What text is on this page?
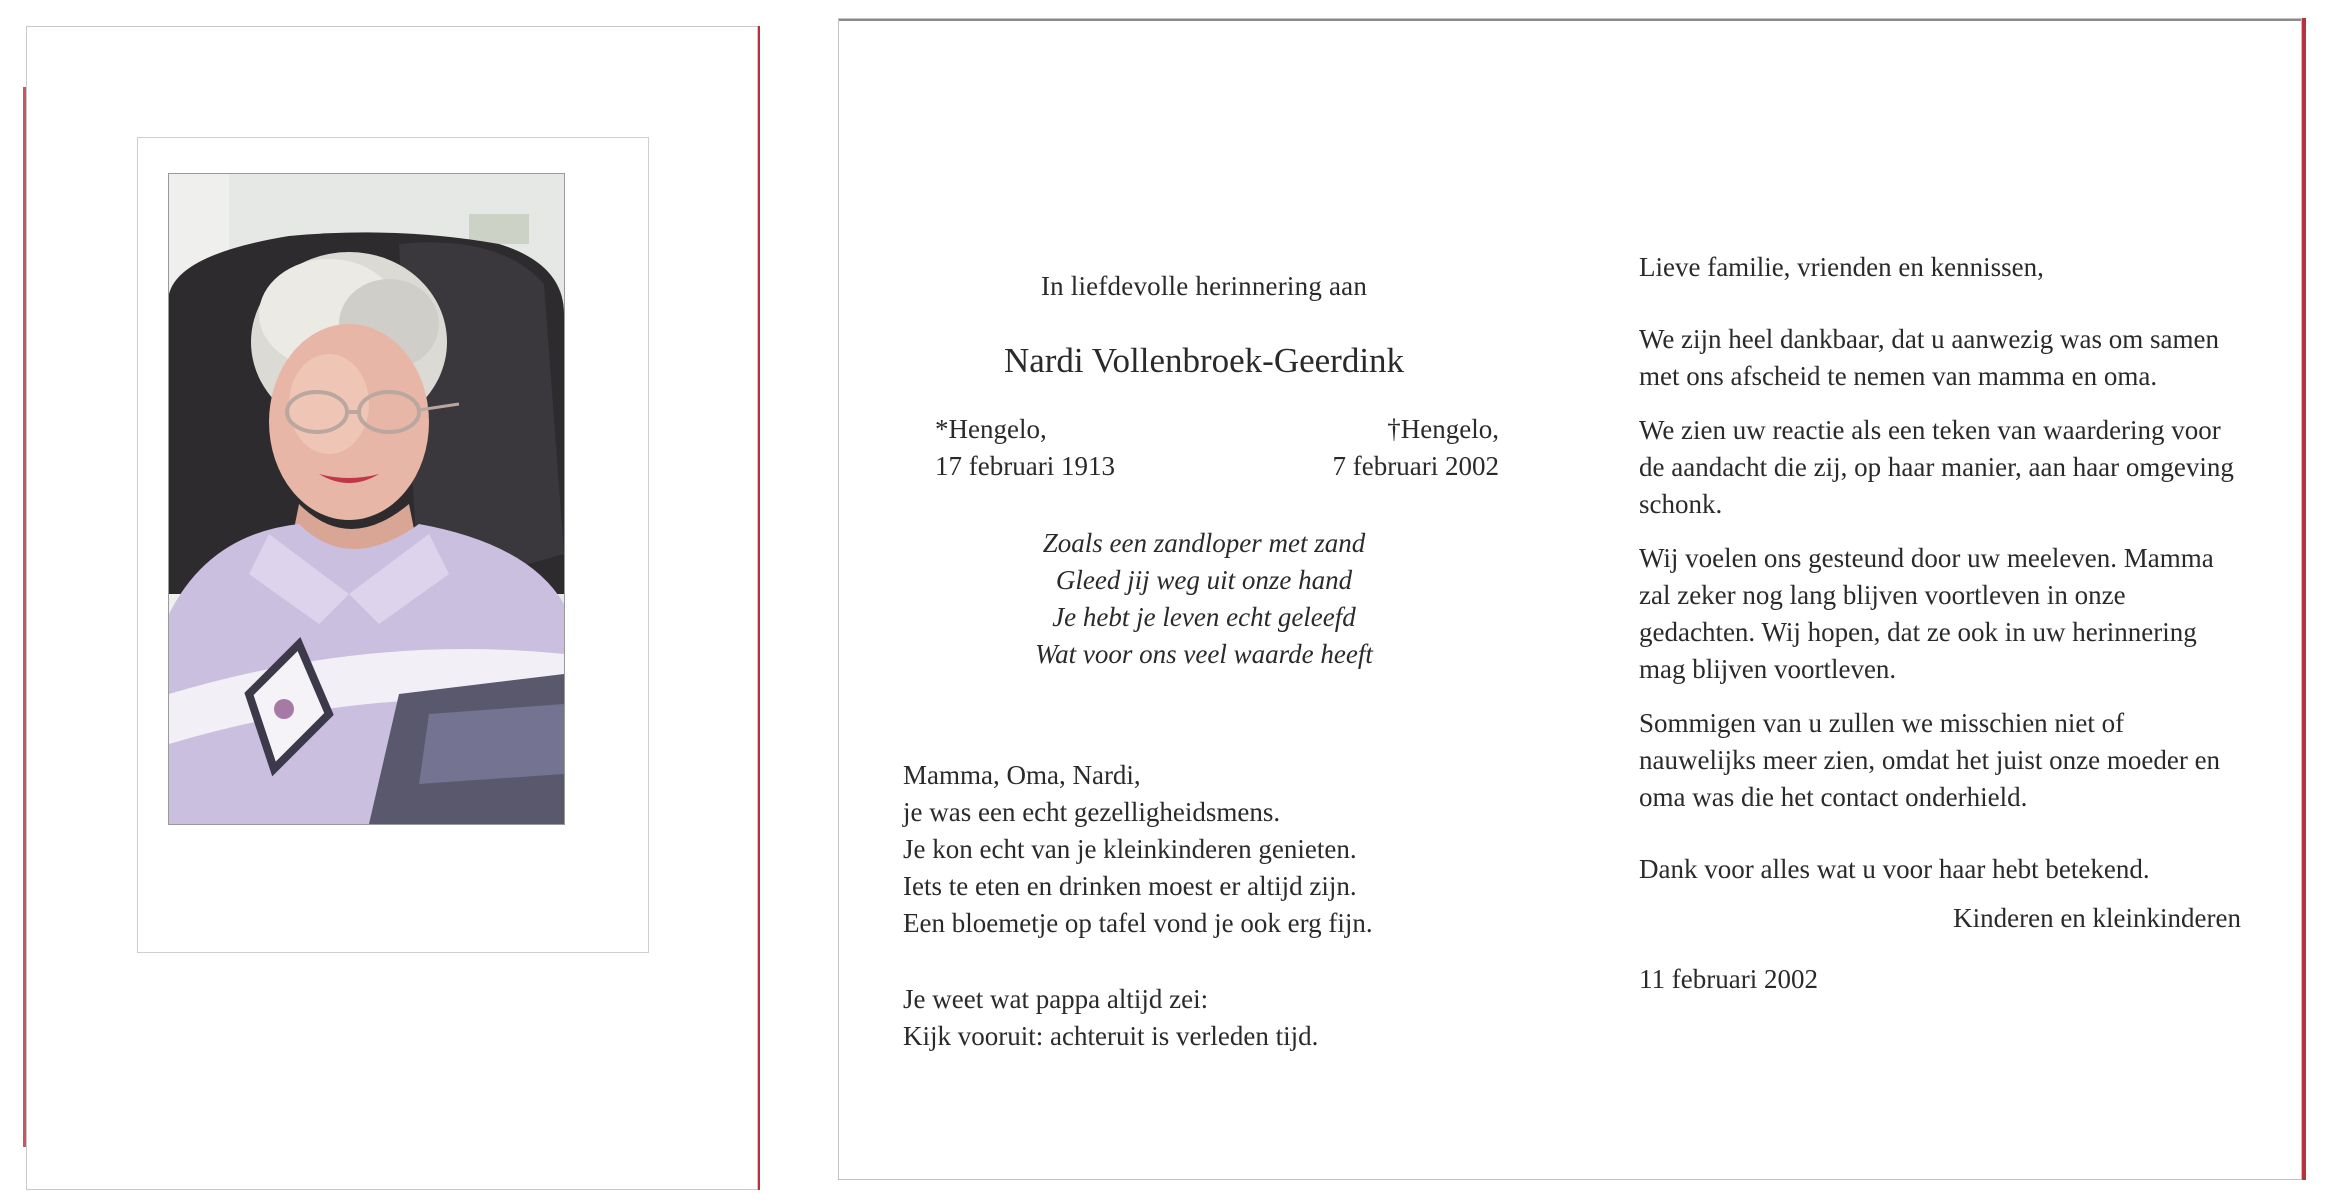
In liefdevolle herinnering aan
Nardi Vollenbroek-Geerdink
*Hengelo,
17 februari 1913
†Hengelo,
7 februari 2002
Zoals een zandloper met zand
Gleed jij weg uit onze hand
Je hebt je leven echt geleefd
Wat voor ons veel waarde heeft

Mamma, Oma, Nardi,

je was een echt gezelligheidsmens.

Je kon echt van je kleinkinderen genieten.

Iets te eten en drinken moest er altijd zijn.

Een bloemetje op tafel vond je ook erg fijn.

Je weet wat pappa altijd zei:

Kijk vooruit: achteruit is verleden tijd.

Lieve familie, vrienden en kennissen,

We zijn heel dankbaar, dat u aanwezig was om samen met ons afscheid te nemen van mamma en oma.

We zien uw reactie als een teken van waardering voor de aandacht die zij, op haar manier, aan haar omgeving schonk.

Wij voelen ons gesteund door uw meeleven. Mamma zal zeker nog lang blijven voortleven in onze gedachten. Wij hopen, dat ze ook in uw herinnering mag blijven voortleven.

Sommigen van u zullen we misschien niet of nauwelijks meer zien, omdat het juist onze moeder en oma was die het contact onderhield.

Dank voor alles wat u voor haar hebt betekend.

Kinderen en kleinkinderen

11 februari 2002
